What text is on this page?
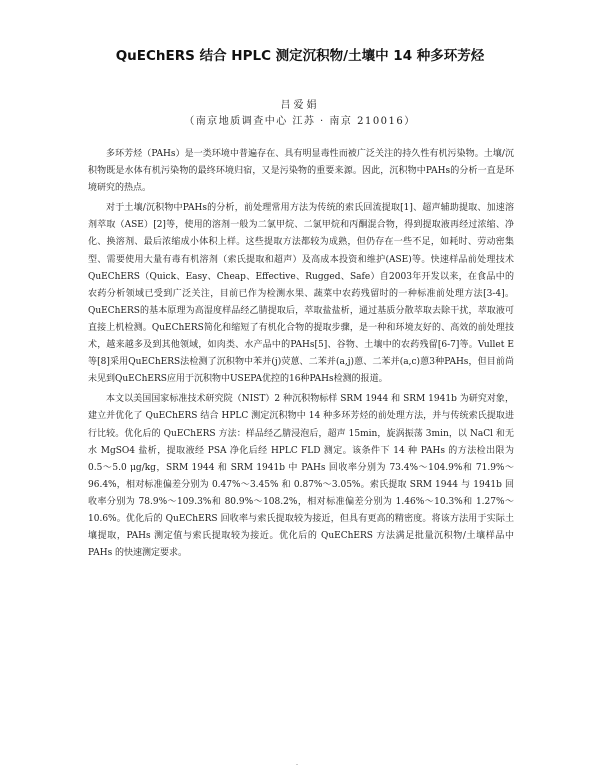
QuEChERS 结合 HPLC 测定沉积物/土壤中 14 种多环芳烃
吕爱娟
（南京地质调查中心 江苏 · 南京 210016）

多环芳烃（PAHs）是一类环境中普遍存在、具有明显毒性而被广泛关注的持久性有机污染物。土壤/沉积物既是水体有机污染物的最终环境归宿，又是污染物的重要来源。因此，沉积物中PAHs的分析一直是环境研究的热点。

对于土壤/沉积物中PAHs的分析，前处理常用方法为传统的索氏回流提取[1]、超声辅助提取、加速溶剂萃取（ASE）[2]等，使用的溶剂一般为二氯甲烷、二氯甲烷和丙酮混合物，得到提取液再经过浓缩、净化、换溶剂、最后浓缩成小体积上样。这些提取方法都较为成熟，但仍存在一些不足，如耗时、劳动密集型、需要使用大量有毒有机溶剂（索氏提取和超声）及高成本投资和维护(ASE)等。快速样品前处理技术QuEChERS（Quick、Easy、Cheap、Effective、Rugged、Safe）自2003年开发以来，在食品中的农药分析领域已受到广泛关注，目前已作为检测水果、蔬菜中农药残留时的一种标准前处理方法[3-4]。QuEChERS的基本原理为高湿度样品经乙腈提取后，萃取盐盐析，通过基质分散萃取去除干扰，萃取液可直接上机检测。QuEChERS简化和缩短了有机化合物的提取步骤，是一种和环境友好的、高效的前处理技术，越来越多及到其他领域，如肉类、水产品中的PAHs[5]、谷物、土壤中的农药残留[6-7]等。Vullet E等[8]采用QuEChERS法检测了沉积物中苯并(j)荧蒽、二苯并(a,j)蒽、二苯并(a,c)蒽3种PAHs，但目前尚未见到QuEChERS应用于沉积物中USEPA优控的16种PAHs检测的报道。

本文以美国国家标准技术研究院（NIST）2 种沉积物标样 SRM 1944 和 SRM 1941b 为研究对象，建立并优化了 QuEChERS 结合 HPLC 测定沉积物中 14 种多环芳烃的前处理方法，并与传统索氏提取进行比较。优化后的 QuEChERS 方法：样品经乙腈浸泡后，超声 15min，旋涡振荡 3min，以 NaCl 和无水 MgSO4 盐析，提取液经 PSA 净化后经 HPLC FLD 测定。该条件下 14 种 PAHs 的方法检出限为 0.5～5.0 μg/kg，SRM 1944 和 SRM 1941b 中 PAHs 回收率分别为 73.4%～104.9%和 71.9%～96.4%，相对标准偏差分别为 0.47%～3.45% 和 0.87%～3.05%。索氏提取 SRM 1944 与 1941b 回收率分别为 78.9%～109.3%和 80.9%～108.2%，相对标准偏差分别为 1.46%～10.3%和 1.27%～10.6%。优化后的 QuEChERS 回收率与索氏提取较为接近，但具有更高的精密度。将该方法用于实际土壤提取，PAHs 测定值与索氏提取较为接近。优化后的 QuEChERS 方法满足批量沉积物/土壤样品中 PAHs 的快速测定要求。

-
